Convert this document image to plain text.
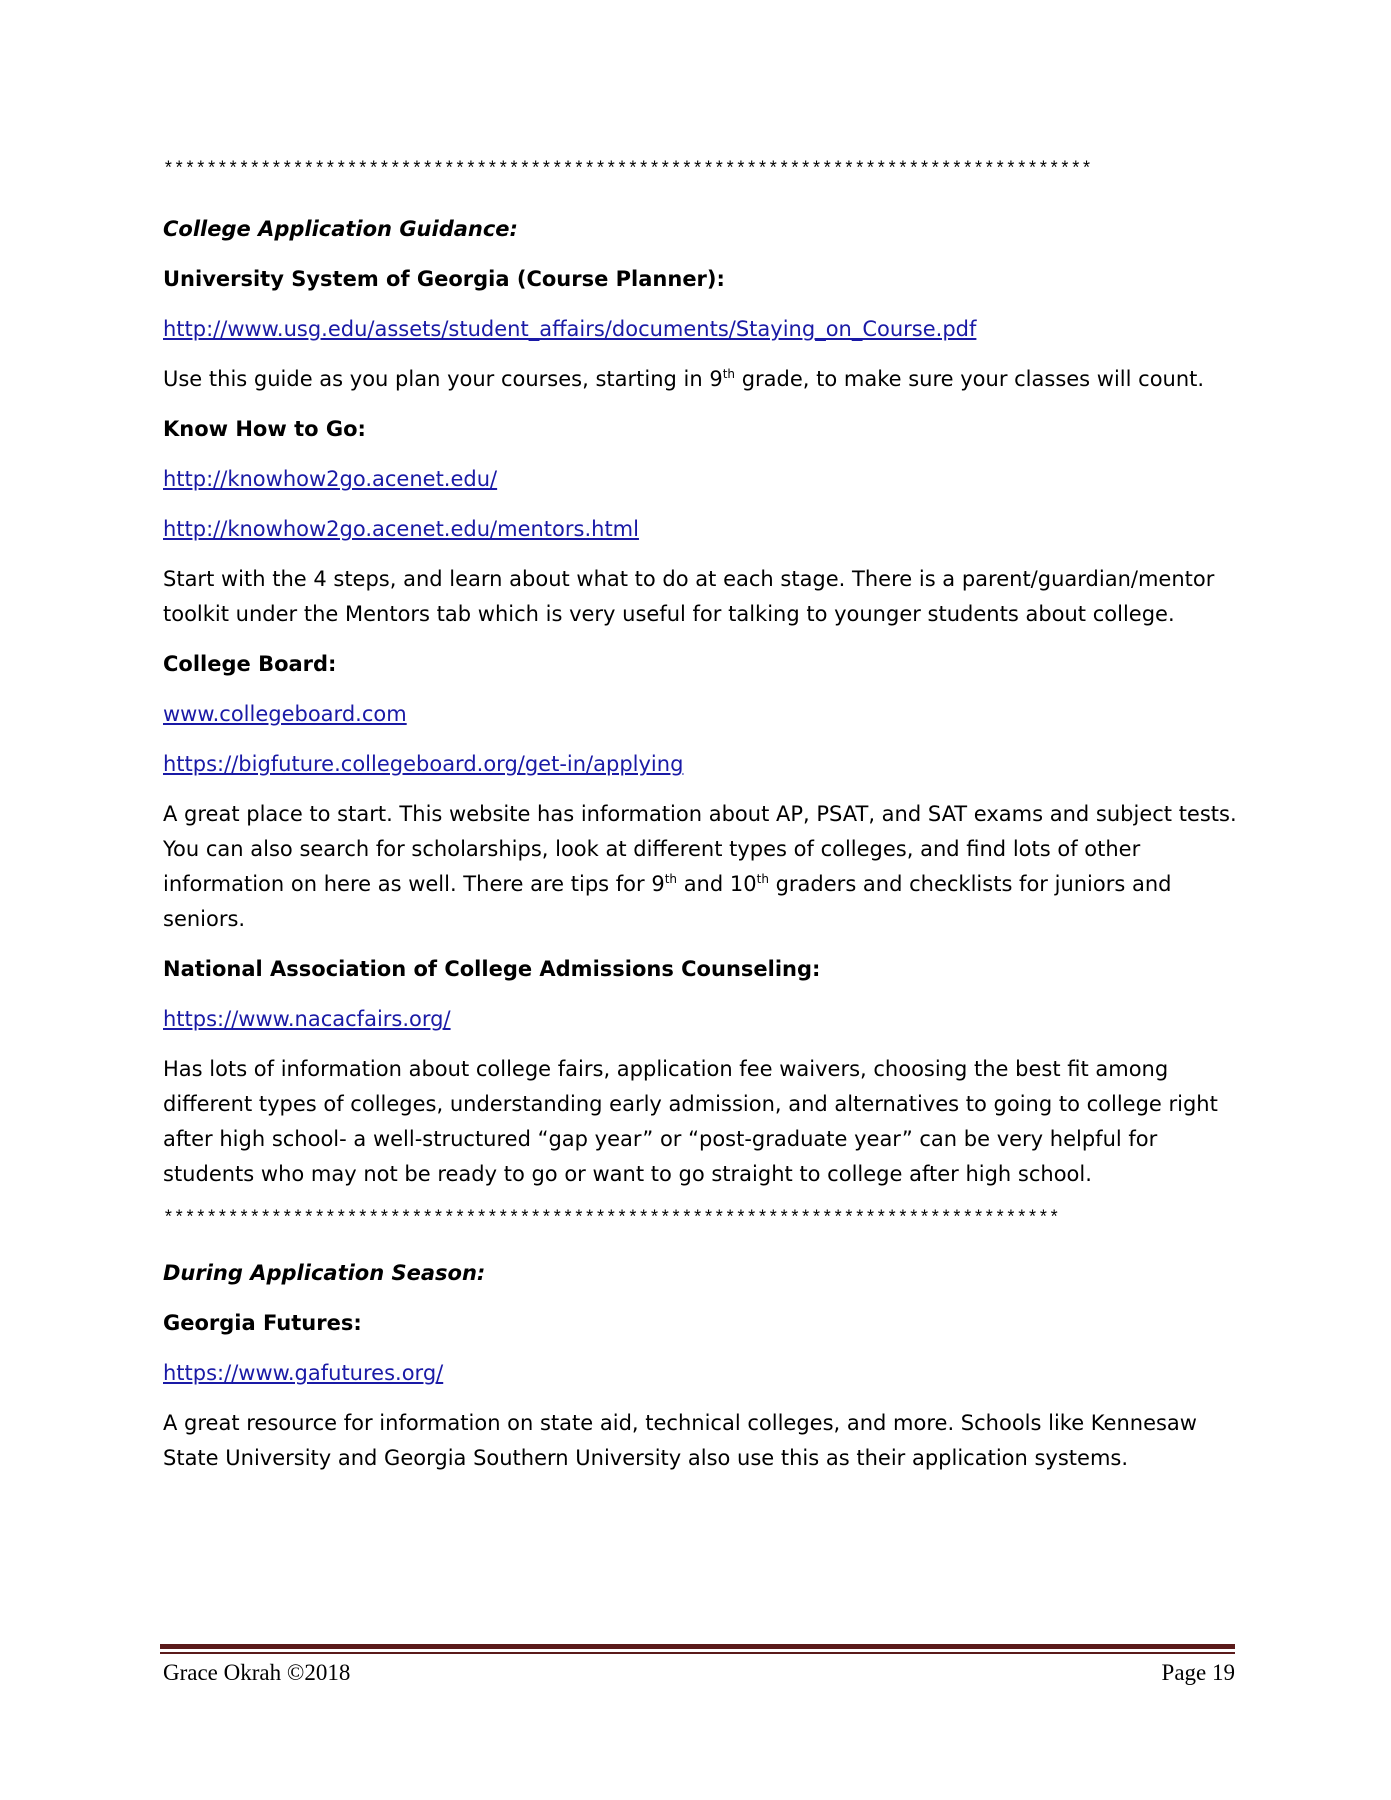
**************************************************************************************

College Application Guidance:

University System of Georgia (Course Planner):

http://www.usg.edu/assets/student_affairs/documents/Staying_on_Course.pdf

Use this guide as you plan your courses, starting in 9th grade, to make sure your classes will count.

Know How to Go:

http://knowhow2go.acenet.edu/

http://knowhow2go.acenet.edu/mentors.html

Start with the 4 steps, and learn about what to do at each stage. There is a parent/guardian/mentor toolkit under the Mentors tab which is very useful for talking to younger students about college.

College Board:

www.collegeboard.com

https://bigfuture.collegeboard.org/get-in/applying

A great place to start. This website has information about AP, PSAT, and SAT exams and subject tests. You can also search for scholarships, look at different types of colleges, and find lots of other information on here as well. There are tips for 9th and 10th graders and checklists for juniors and seniors.

National Association of College Admissions Counseling:

https://www.nacacfairs.org/

Has lots of information about college fairs, application fee waivers, choosing the best fit among different types of colleges, understanding early admission, and alternatives to going to college right after high school- a well-structured “gap year” or “post-graduate year” can be very helpful for students who may not be ready to go or want to go straight to college after high school.

***********************************************************************************

During Application Season:

Georgia Futures:

https://www.gafutures.org/

A great resource for information on state aid, technical colleges, and more. Schools like Kennesaw State University and Georgia Southern University also use this as their application systems.

Grace Okrah ©2018	Page 19
